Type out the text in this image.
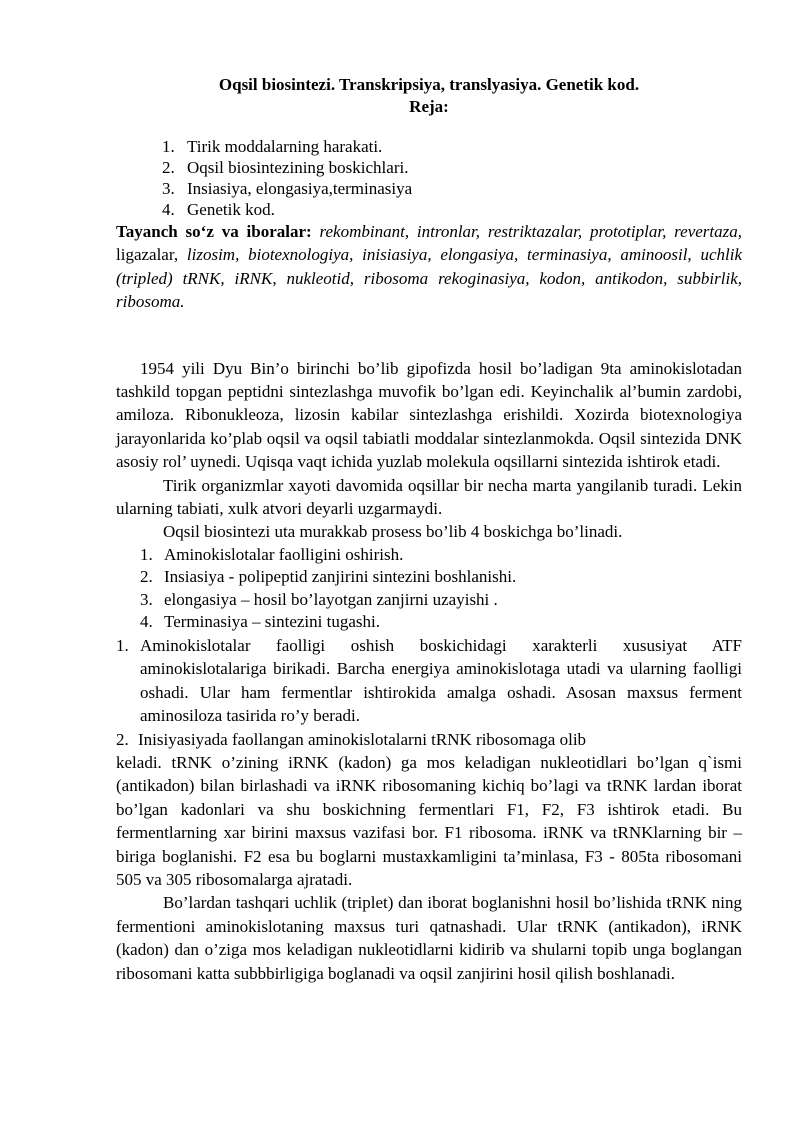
Oqsil biosintezi. Transkripsiya, translyasiya. Genetik kod.
Reja:
1. Tirik moddalarning harakati.
2. Oqsil biosintezining boskichlari.
3. Insiasiya, elongasiya,terminasiya
4. Genetik kod.

Tayanch so‘z va iboralar: rekombinant, intronlar, restriktazalar, prototiplar, revertaza, ligazalar, lizosim, biotexnologiya, inisiasiya, elongasiya, terminasiya, aminoosil, uchlik (tripled) tRNK, iRNK, nukleotid, ribosoma rekoginasiya, kodon, antikodon, subbirlik, ribosoma.

1954 yili Dyu Bin’o birinchi bo’lib gipofizda hosil bo’ladigan 9ta aminokislotadan tashkild topgan peptidni sintezlashga muvofik bo’lgan edi. Keyinchalik al’bumin zardobi, amiloza. Ribonukleoza, lizosin kabilar sintezlashga erishildi. Xozirda biotexnologiya jarayonlarida ko’plab oqsil va oqsil tabiatli moddalar sintezlanmokda. Oqsil sintezida DNK asosiy rol’ uynedi. Uqisqa vaqt ichida yuzlab molekula oqsillarni sintezida ishtirok etadi.

Tirik organizmlar xayoti davomida oqsillar bir necha marta yangilanib turadi. Lekin ularning tabiati, xulk atvori deyarli uzgarmaydi.

Oqsil biosintezi uta murakkab prosess bo’lib 4 boskichga bo’linadi.

1. Aminokislotalar faolligini oshirish.
2. Insiasiya - polipeptid zanjirini sintezini boshlanishi.
3. elongasiya – hosil bo’layotgan zanjirni uzayishi .
4. Terminasiya – sintezini tugashi.
1. Aminokislotalar faolligi oshish boskichidagi xarakterli xususiyat ATF aminokislotalariga birikadi. Barcha energiya aminokislotaga utadi va ularning faolligi oshadi. Ular ham fermentlar ishtirokida amalga oshadi. Asosan maxsus ferment aminosiloza tasirida ro’y beradi.

2. Inisiyasiyada faollangan aminokislotalarni tRNK ribosomaga olib

keladi. tRNK o’zining iRNK (kadon) ga mos keladigan nukleotidlari bo’lgan q`ismi (antikadon) bilan birlashadi va iRNK ribosomaning kichiq bo’lagi va tRNK lardan iborat bo’lgan kadonlari va shu boskichning fermentlari F1, F2, F3 ishtirok etadi. Bu fermentlarning xar birini maxsus vazifasi bor. F1 ribosoma. iRNK va tRNKlarning bir – biriga boglanishi. F2 esa bu boglarni mustaxkamligini ta’minlasa, F3 - 805ta ribosomani 505 va 305 ribosomalarga ajratadi.

Bo’lardan tashqari uchlik (triplet) dan iborat boglanishni hosil bo’lishida tRNK ning fermentioni aminokislotaning maxsus turi qatnashadi. Ular tRNK (antikadon), iRNK (kadon) dan o’ziga mos keladigan nukleotidlarni kidirib va shularni topib unga boglangan ribosomani katta subbbirligiga boglanadi va oqsil zanjirini hosil qilish boshlanadi.
